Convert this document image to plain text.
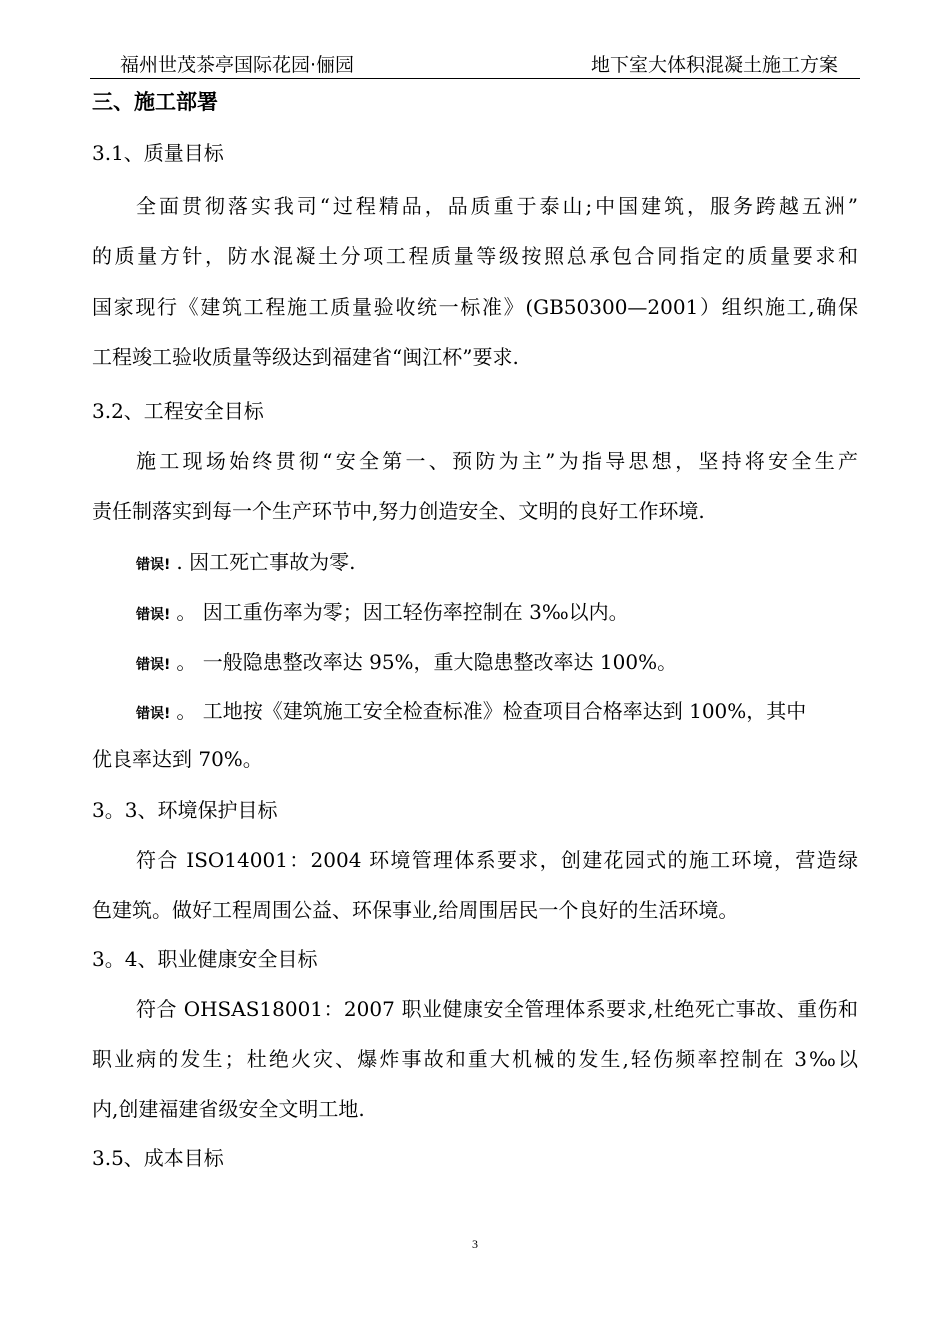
福州世茂茶亭国际花园·俪园	地下室大体积混凝土施工方案
三、施工部署
3.1、质量目标
全面贯彻落实我司“过程精品，品质重于泰山;中国建筑，服务跨越五洲”
的质量方针，防水混凝土分项工程质量等级按照总承包合同指定的质量要求和
国家现行《建筑工程施工质量验收统一标准》(GB50300—2001）组织施工,确保
工程竣工验收质量等级达到福建省“闽江杯”要求.
3.2、工程安全目标
施工现场始终贯彻“安全第一、预防为主”为指导思想，坚持将安全生产
责任制落实到每一个生产环节中,努力创造安全、文明的良好工作环境.
错误! . 因工死亡事故为零.
错误! 。 因工重伤率为零；因工轻伤率控制在 3‰以内。
错误! 。 一般隐患整改率达 95%，重大隐患整改率达 100%。
错误! 。 工地按《建筑施工安全检查标准》检查项目合格率达到 100%，其中
优良率达到 70%。
3。3、环境保护目标
符合 ISO14001：2004 环境管理体系要求，创建花园式的施工环境，营造绿
色建筑。做好工程周围公益、环保事业,给周围居民一个良好的生活环境。
3。4、职业健康安全目标
符合 OHSAS18001：2007 职业健康安全管理体系要求,杜绝死亡事故、重伤和
职业病的发生；杜绝火灾、爆炸事故和重大机械的发生,轻伤频率控制在 3‰以
内,创建福建省级安全文明工地.
3.5、成本目标
3
